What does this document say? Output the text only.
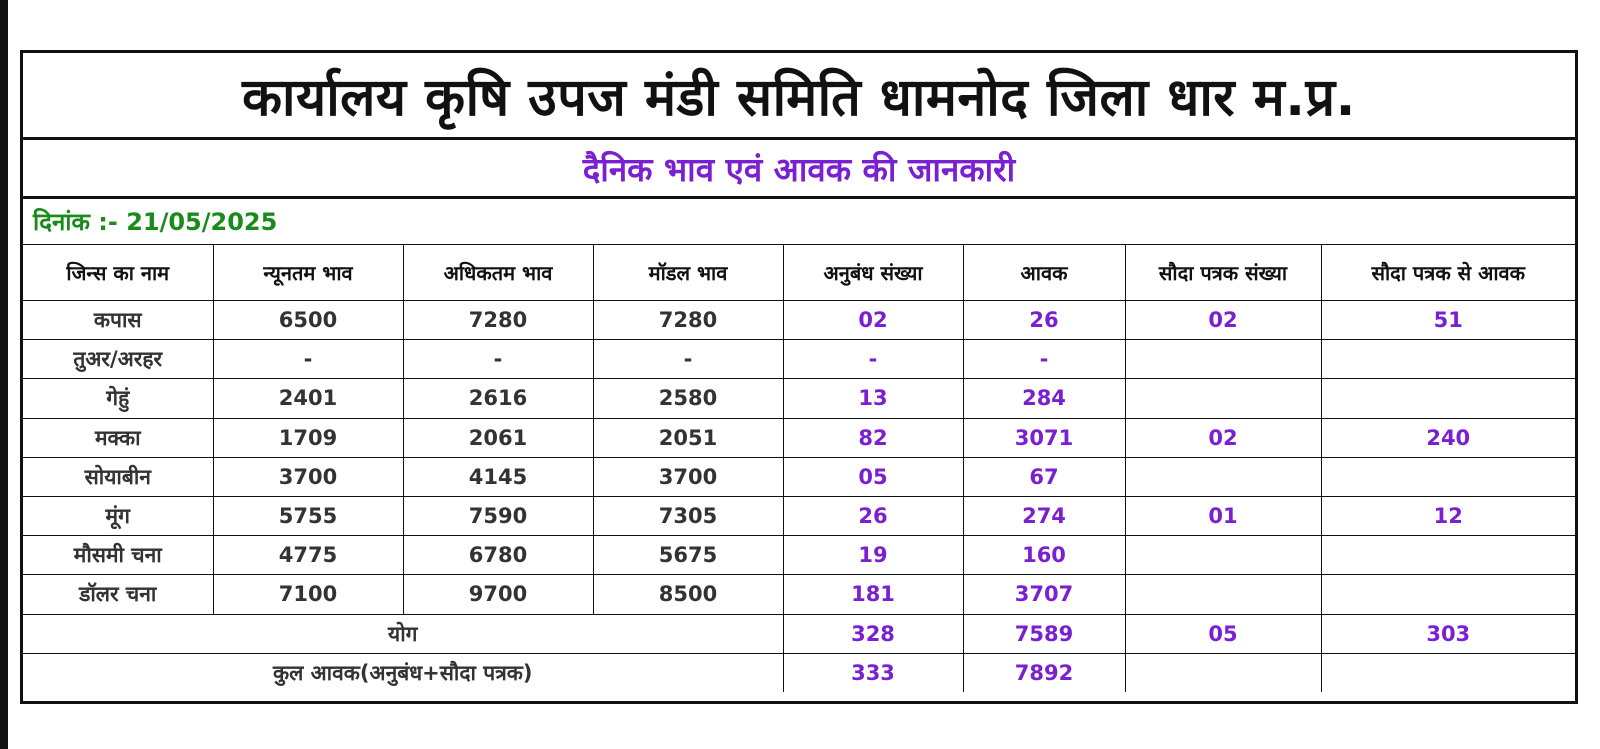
कार्यालय कृषि उपज मंडी समिति धामनोद जिला धार म.प्र.
दैनिक भाव एवं आवक की जानकारी
दिनांक :- 21/05/2025
जिन्स का नाम	न्यूनतम भाव	अधिकतम भाव	मॉडल भाव	अनुबंध संख्या	आवक	सौदा पत्रक संख्या	सौदा पत्रक से आवक
कपास	6500	7280	7280	02	26	02	51
तुअर/अरहर	-	-	-	-	-		
गेहुं	2401	2616	2580	13	284		
मक्का	1709	2061	2051	82	3071	02	240
सोयाबीन	3700	4145	3700	05	67		
मूंग	5755	7590	7305	26	274	01	12
मौसमी चना	4775	6780	5675	19	160		
डॉलर चना	7100	9700	8500	181	3707		
योग				328	7589	05	303
कुल आवक(अनुबंध+सौदा पत्रक)				333	7892		
